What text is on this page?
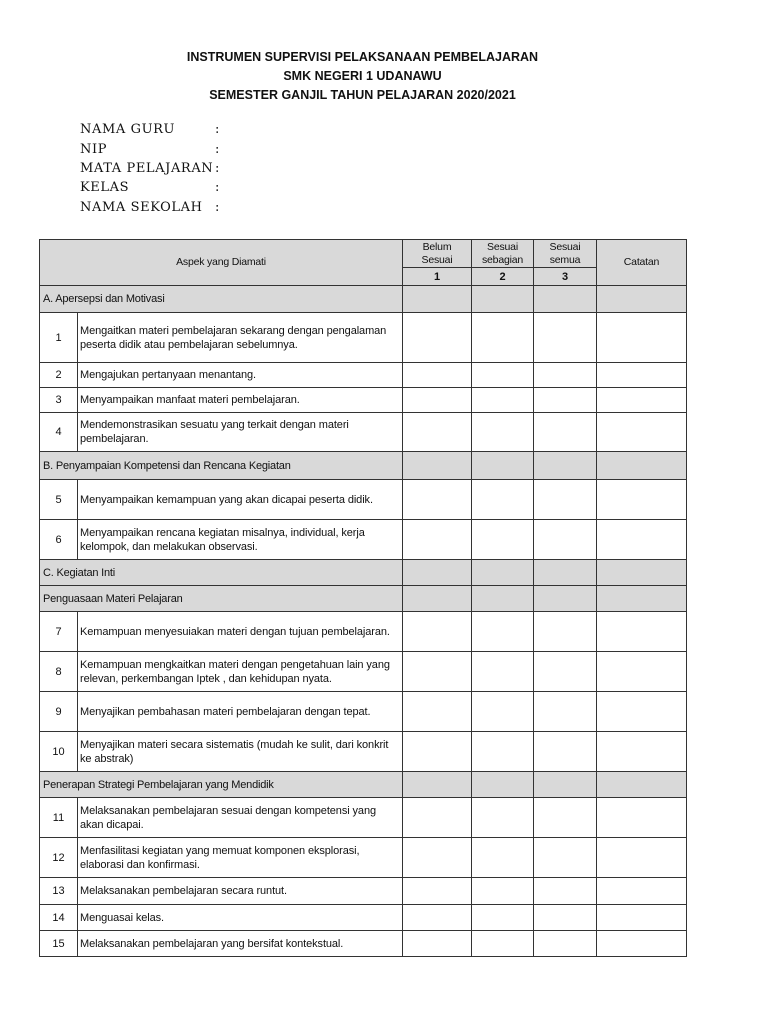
INSTRUMEN SUPERVISI PELAKSANAAN PEMBELAJARAN
SMK NEGERI 1 UDANAWU
SEMESTER GANJIL TAHUN PELAJARAN 2020/2021
NAMA GURU	:
NIP	:
MATA PELAJARAN :
KELAS	:
NAMA SEKOLAH :
Aspek yang Diamati		Belum Sesuai	Sesuai sebagian	Sesuai semua	Catatan
		1	2	3	
A. Apersepsi dan Motivasi					
1	Mengaitkan materi pembelajaran sekarang dengan pengalaman peserta didik atau pembelajaran sebelumnya.				
2	Mengajukan pertanyaan menantang.				
3	Menyampaikan manfaat materi pembelajaran.				
4	Mendemonstrasikan sesuatu yang terkait dengan materi pembelajaran.				
B. Penyampaian Kompetensi dan Rencana Kegiatan					
5	Menyampaikan kemampuan yang akan dicapai peserta didik.				
6	Menyampaikan rencana kegiatan misalnya, individual, kerja kelompok, dan melakukan observasi.				
C. Kegiatan Inti					
Penguasaan Materi Pelajaran					
7	Kemampuan menyesuiakan materi dengan tujuan pembelajaran.				
8	Kemampuan mengkaitkan materi dengan pengetahuan lain yang relevan, perkembangan Iptek , dan kehidupan nyata.				
9	Menyajikan pembahasan materi pembelajaran dengan tepat.				
10	Menyajikan materi secara sistematis (mudah ke sulit, dari konkrit ke abstrak)				
Penerapan Strategi Pembelajaran yang Mendidik					
11	Melaksanakan pembelajaran sesuai dengan kompetensi yang akan dicapai.				
12	Menfasilitasi kegiatan yang memuat komponen eksplorasi, elaborasi dan konfirmasi.				
13	Melaksanakan pembelajaran secara runtut.				
14	Menguasai kelas.				
15	Melaksanakan pembelajaran yang bersifat kontekstual.				
